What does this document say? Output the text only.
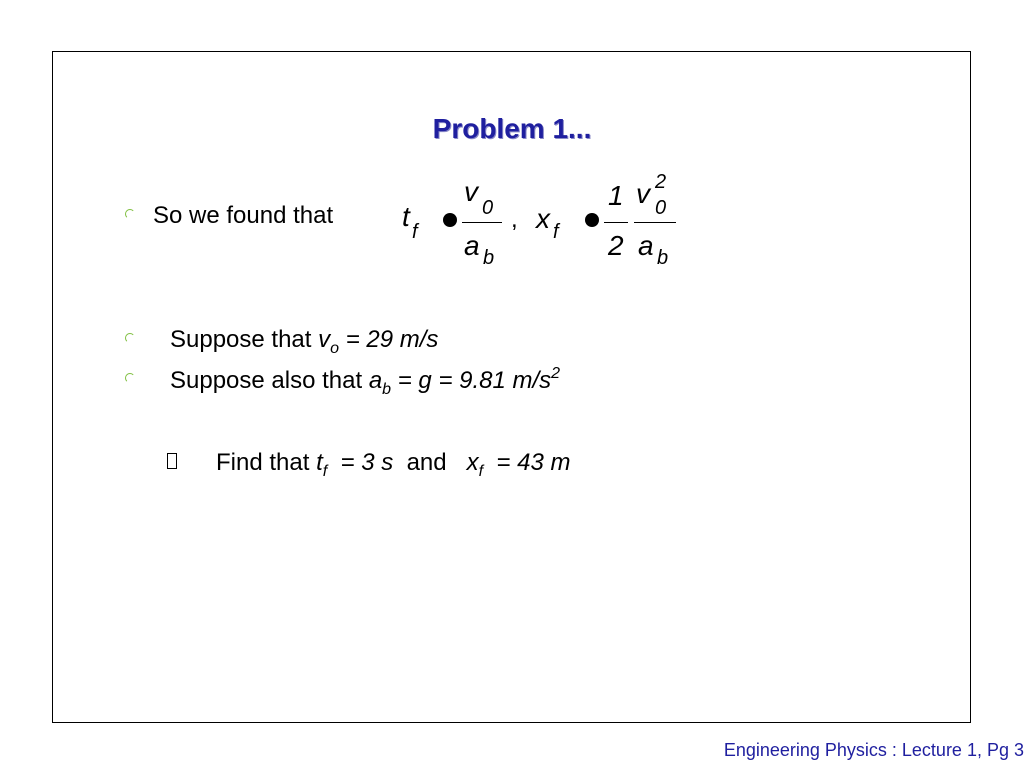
Problem 1...
So we found that t f
v
0
a b
, x f
1
2
v 2
0
a b
Suppose that $v_o = 29$ m/s
Suppose also that $a_b = g = 9.81$ $m/s^2$
Find that $t_f = 3$ s  and   $x_f = 43$ m
Engineering Physics : Lecture 1, Pg 3
